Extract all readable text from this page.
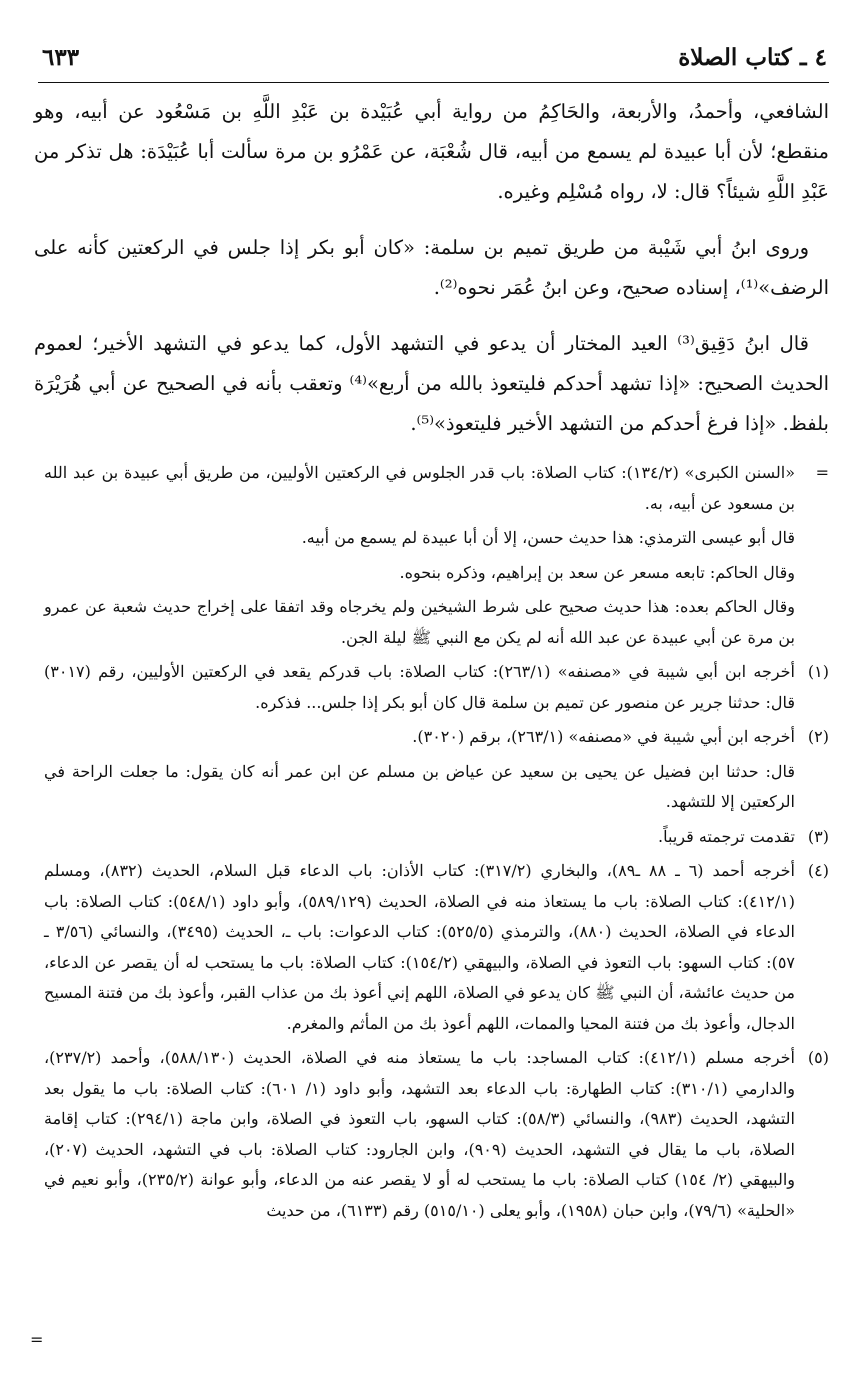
٤ ـ كتاب الصلاة
٦٣٣

الشافعي، وأحمدُ، والأربعة، والحَاكِمُ من رواية أبي عُبَيْدة بن عَبْدِ اللَّهِ بن مَسْعُود عن أبيه، وهو منقطع؛ لأن أبا عبيدة لم يسمع من أبيه، قال شُعْبَة، عن عَمْرُو بن مرة سألت أبا عُبَيْدَة: هل تذكر من عَبْدِ اللَّهِ شيئاً؟ قال: لا، رواه مُسْلِم وغيره.

وروى ابنُ أبي شَيْبة من طريق تميم بن سلمة: «كان أبو بكر إذا جلس في الركعتين كأنه على الرضف»⁽¹⁾، إسناده صحيح، وعن ابنُ عُمَر نحوه⁽²⁾.

قال ابنُ دَقِيق⁽³⁾ العيد المختار أن يدعو في التشهد الأول، كما يدعو في التشهد الأخير؛ لعموم الحديث الصحيح: «إذا تشهد أحدكم فليتعوذ بالله من أربع»⁽⁴⁾ وتعقب بأنه في الصحيح عن أبي هُرَيْرَة بلفظ. «إذا فرغ أحدكم من التشهد الأخير فليتعوذ»⁽⁵⁾.

=
«السنن الكبرى» (١٣٤/٢): كتاب الصلاة: باب قدر الجلوس في الركعتين الأوليين، من طريق أبي عبيدة بن عبد الله بن مسعود عن أبيه، به.
قال أبو عيسى الترمذي: هذا حديث حسن، إلا أن أبا عبيدة لم يسمع من أبيه.
وقال الحاكم: تابعه مسعر عن سعد بن إبراهيم، وذكره بنحوه.
وقال الحاكم بعده: هذا حديث صحيح على شرط الشيخين ولم يخرجاه وقد اتفقا على إخراج حديث شعبة عن عمرو بن مرة عن أبي عبيدة عن عبد الله أنه لم يكن مع النبي ﷺ ليلة الجن.
(١)
أخرجه ابن أبي شيبة في «مصنفه» (٢٦٣/١): كتاب الصلاة: باب قدركم يقعد في الركعتين الأوليين، رقم (٣٠١٧) قال: حدثنا جرير عن منصور عن تميم بن سلمة قال كان أبو بكر إذا جلس... فذكره.
(٢)
أخرجه ابن أبي شيبة في «مصنفه» (٢٦٣/١)، برقم (٣٠٢٠).
قال: حدثنا ابن فضيل عن يحيى بن سعيد عن عياض بن مسلم عن ابن عمر أنه كان يقول: ما جعلت الراحة في الركعتين إلا للتشهد.
(٣)
تقدمت ترجمته قريباً.
(٤)
أخرجه أحمد (٦ ـ ٨٨ ـ٨٩)، والبخاري (٣١٧/٢): كتاب الأذان: باب الدعاء قبل السلام، الحديث (٨٣٢)، ومسلم (٤١٢/١): كتاب الصلاة: باب ما يستعاذ منه في الصلاة، الحديث (٥٨٩/١٢٩)، وأبو داود (٥٤٨/١): كتاب الصلاة: باب الدعاء في الصلاة، الحديث (٨٨٠)، والترمذي (٥٢٥/٥): كتاب الدعوات: باب ـ، الحديث (٣٤٩٥)، والنسائي (٣/٥٦ ـ ٥٧): كتاب السهو: باب التعوذ في الصلاة، والبيهقي (١٥٤/٢): كتاب الصلاة: باب ما يستحب له أن يقصر عن الدعاء، من حديث عائشة، أن النبي ﷺ كان يدعو في الصلاة، اللهم إني أعوذ بك من عذاب القبر، وأعوذ بك من فتنة المسيح الدجال، وأعوذ بك من فتنة المحيا والممات، اللهم أعوذ بك من المأثم والمغرم.
(٥)
أخرجه مسلم (٤١٢/١): كتاب المساجد: باب ما يستعاذ منه في الصلاة، الحديث (٥٨٨/١٣٠)، وأحمد (٢٣٧/٢)، والدارمي (٣١٠/١): كتاب الطهارة: باب الدعاء بعد التشهد، وأبو داود (١/ ٦٠١): كتاب الصلاة: باب ما يقول بعد التشهد، الحديث (٩٨٣)، والنسائي (٥٨/٣): كتاب السهو، باب التعوذ في الصلاة، وابن ماجة (٢٩٤/١): كتاب إقامة الصلاة، باب ما يقال في التشهد، الحديث (٩٠٩)، وابن الجارود: كتاب الصلاة: باب في التشهد، الحديث (٢٠٧)، والبيهقي (٢/ ١٥٤) كتاب الصلاة: باب ما يستحب له أو لا يقصر عنه من الدعاء، وأبو عوانة (٢٣٥/٢)، وأبو نعيم في «الحلية» (٧٩/٦)، وابن حبان (١٩٥٨)، وأبو يعلى (٥١٥/١٠) رقم (٦١٣٣)، من حديث
=
